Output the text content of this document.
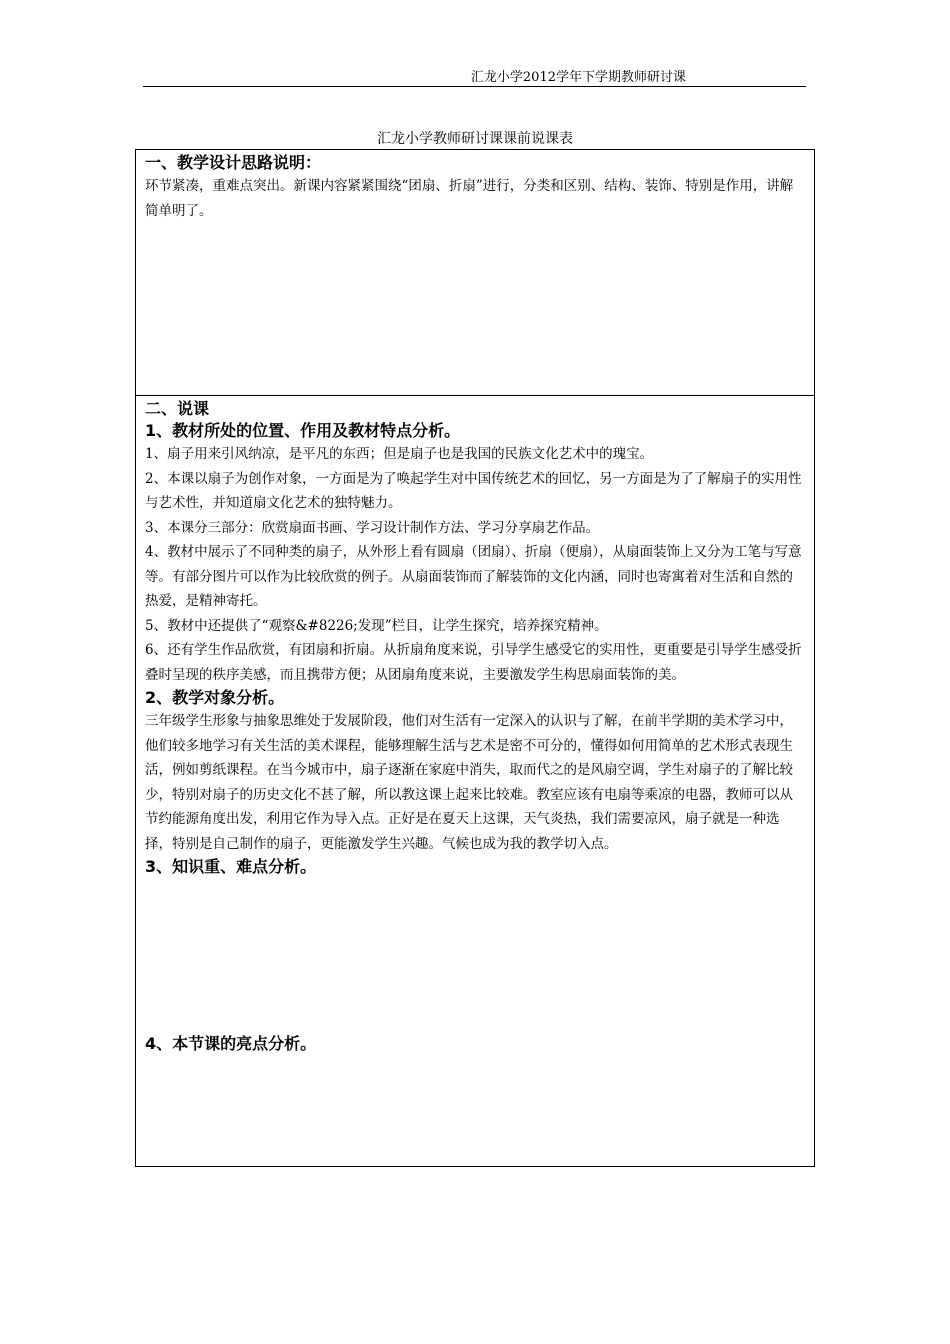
汇龙小学2012学年下学期教师研讨课
汇龙小学教师研讨课课前说课表

一、教学设计思路说明：

环节紧凑，重难点突出。新课内容紧紧围绕“团扇、折扇”进行，分类和区别、结构、装饰、特别是作用，讲解简单明了。

二、说课

1、教材所处的位置、作用及教材特点分析。

1、扇子用来引风纳凉，是平凡的东西；但是扇子也是我国的民族文化艺术中的瑰宝。

2、本课以扇子为创作对象，一方面是为了唤起学生对中国传统艺术的回忆，另一方面是为了了解扇子的实用性与艺术性，并知道扇文化艺术的独特魅力。

3、本课分三部分：欣赏扇面书画、学习设计制作方法、学习分享扇艺作品。

4、教材中展示了不同种类的扇子，从外形上看有圆扇（团扇）、折扇（便扇），从扇面装饰上又分为工笔与写意等。有部分图片可以作为比较欣赏的例子。从扇面装饰而了解装饰的文化内涵，同时也寄寓着对生活和自然的热爱，是精神寄托。

5、教材中还提供了“观察&#8226;发现”栏目，让学生探究，培养探究精神。

6、还有学生作品欣赏，有团扇和折扇。从折扇角度来说，引导学生感受它的实用性，更重要是引导学生感受折叠时呈现的秩序美感，而且携带方便；从团扇角度来说，主要激发学生构思扇面装饰的美。

2、教学对象分析。

三年级学生形象与抽象思维处于发展阶段，他们对生活有一定深入的认识与了解，在前半学期的美术学习中，他们较多地学习有关生活的美术课程，能够理解生活与艺术是密不可分的，懂得如何用简单的艺术形式表现生活，例如剪纸课程。在当今城市中，扇子逐渐在家庭中消失，取而代之的是风扇空调，学生对扇子的了解比较少，特别对扇子的历史文化不甚了解，所以教这课上起来比较难。教室应该有电扇等乘凉的电器，教师可以从节约能源角度出发，利用它作为导入点。正好是在夏天上这课，天气炎热，我们需要凉风，扇子就是一种选择，特别是自己制作的扇子，更能激发学生兴趣。气候也成为我的教学切入点。

3、知识重、难点分析。

4、本节课的亮点分析。
